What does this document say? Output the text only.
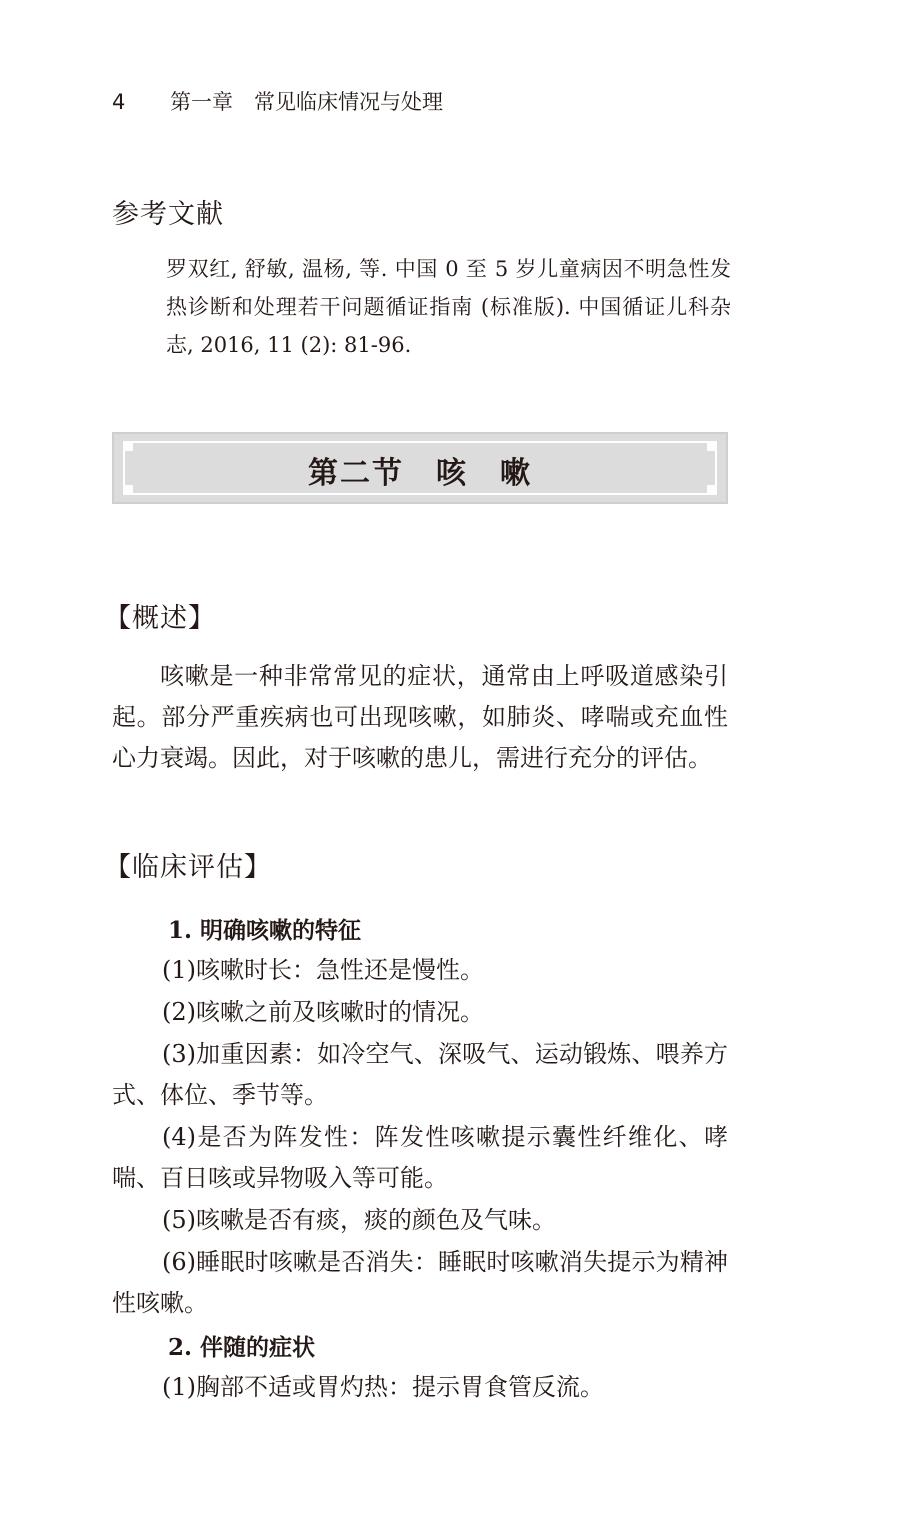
4 第一章　常见临床情况与处理
参考文献
罗双红, 舒敏, 温杨, 等. 中国 0 至 5 岁儿童病因不明急性发热诊断和处理若干问题循证指南 (标准版). 中国循证儿科杂志, 2016, 11 (2): 81-96.
第二节　咳　嗽
【概述】
咳嗽是一种非常常见的症状，通常由上呼吸道感染引起。部分严重疾病也可出现咳嗽，如肺炎、哮喘或充血性心力衰竭。因此，对于咳嗽的患儿，需进行充分的评估。
【临床评估】
1. 明确咳嗽的特征
(1)咳嗽时长：急性还是慢性。
(2)咳嗽之前及咳嗽时的情况。
(3)加重因素：如冷空气、深吸气、运动锻炼、喂养方式、体位、季节等。
(4)是否为阵发性：阵发性咳嗽提示囊性纤维化、哮喘、百日咳或异物吸入等可能。
(5)咳嗽是否有痰，痰的颜色及气味。
(6)睡眠时咳嗽是否消失：睡眠时咳嗽消失提示为精神性咳嗽。
2. 伴随的症状
(1)胸部不适或胃灼热：提示胃食管反流。
